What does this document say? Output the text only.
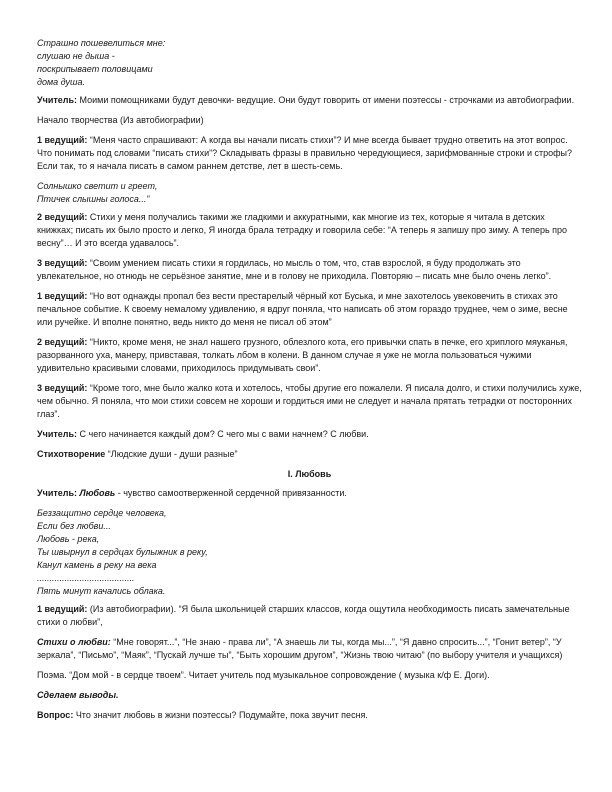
Страшно пошевелиться мне:
слушаю не дыша -
поскрипывает половицами
дома душа.

Учитель: Моими помощниками будут девочки- ведущие. Они будут говорить от имени поэтессы - строчками из автобиографии.

Начало творчества (Из автобиографии)

1 ведущий: “Меня часто спрашивают: А когда вы начали писать стихи”? И мне всегда бывает трудно ответить на этот вопрос. Что понимать под словами “писать стихи”? Складывать фразы в правильно чередующиеся, зарифмованные строки и строфы? Если так, то я начала писать в самом раннем детстве, лет в шесть-семь.

Солнышко светит и греет,
Птичек слышны голоса...”

2 ведущий: Стихи у меня получались такими же гладкими и аккуратными, как многие из тех, которые я читала в детских книжках; писать их было просто и легко, Я иногда брала тетрадку и говорила себе: “А теперь я запишу про зиму. А теперь про весну”… И это всегда удавалось”.

3 ведущий: “Своим умением писать стихи я гордилась, но мысль о том, что, став взрослой, я буду продолжать это увлекательное, но отнюдь не серьёзное занятие, мне и в голову не приходила. Повторяю – писать мне было очень легко”.

1 ведущий: “Но вот однажды пропал без вести престарелый чёрный кот Буська, и мне захотелось увековечить в стихах это печальное событие. К своему немалому удивлению, я вдруг поняла, что написать об этом гораздо труднее, чем о зиме, весне или ручейке. И вполне понятно, ведь никто до меня не писал об этом”

2 ведущий: “Никто, кроме меня, не знал нашего грузного, облезлого кота, его привычки спать в печке, его хриплого мяуканья, разорванного уха, манеру, привставая, толкать лбом в колени. В данном случае я уже не могла пользоваться чужими удивительно красивыми словами, приходилось придумывать свои”.

3 ведущий: “Кроме того, мне было жалко кота и хотелось, чтобы другие его пожалели. Я писала долго, и стихи получились хуже, чем обычно. Я поняла, что мои стихи совсем не хороши и гордиться ими не следует и начала прятать тетрадки от посторонних глаз”.

Учитель: С чего начинается каждый дом? С чего мы с вами начнем? С любви.

Стихотворение “Людские души - души разные”

I. Любовь

Учитель: Любовь - чувство самоотверженной сердечной привязанности.

Беззащитно сердце человека,
Если без любви...
Любовь - река,
Ты швырнул в сердцах булыжник в реку,
Канул камень в реку на века
.......................................
Пять минут качались облака.

1 ведущий: (Из автобиографии). “Я была школьницей старших классов, когда ощутила необходимость писать замечательные стихи о любви”,

Стихи о любви: “Мне говорят...”, “Не знаю - права ли”, “А знаешь ли ты, когда мы...”, “Я давно спросить...”, “Гонит ветер”, “У зеркала”, “Письмо”, “Маяк”, “Пускай лучше ты”, “Быть хорошим другом”, “Жизнь твою читаю” (по выбору учителя и учащихся)

Поэма. “Дом мой - в сердце твоем”. Читает учитель под музыкальное сопровождение ( музыка к/ф Е. Доги).

Сделаем выводы.

Вопрос: Что значит любовь в жизни поэтессы? Подумайте, пока звучит песня.
